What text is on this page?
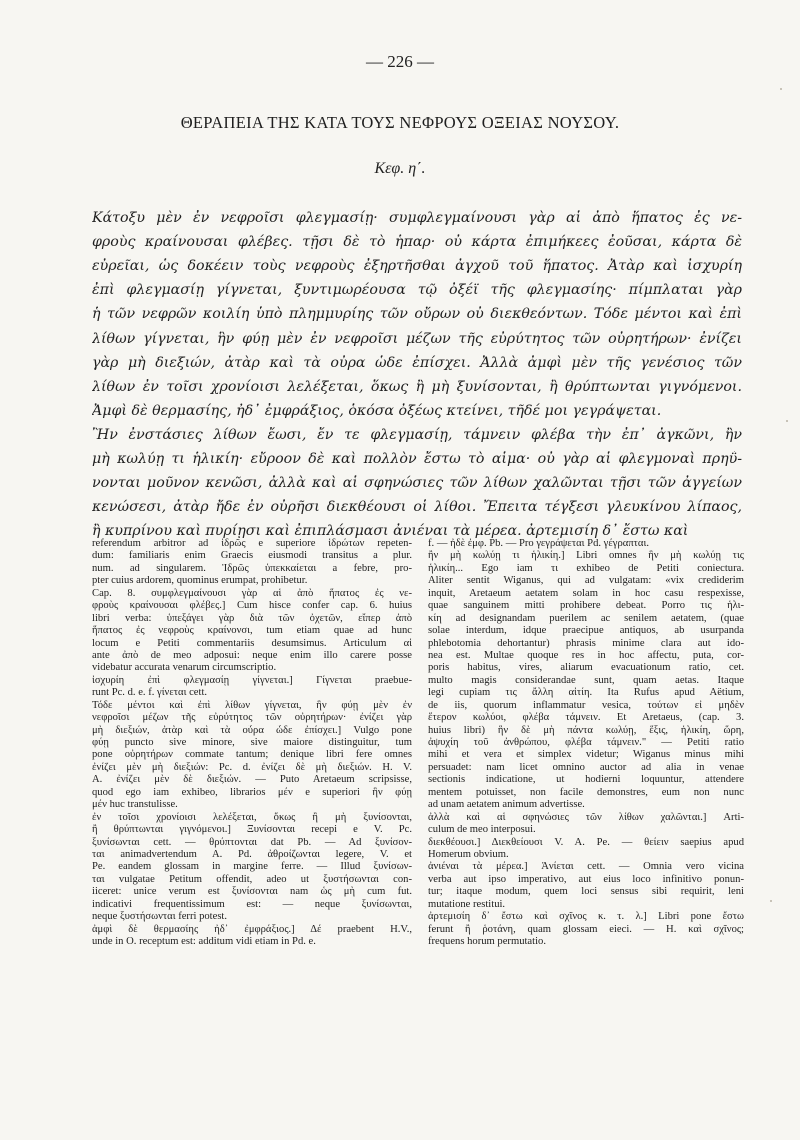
— 226 —
ΘΕΡΑΠΕΙΑ ΤΗΣ ΚΑΤΑ ΤΟΥΣ ΝΕΦΡΟΥΣ ΟΞΕΙΑΣ ΝΟΥΣΟΥ.
Κεφ. η΄.
Κάτοξυ μὲν ἐν νεφροῖσι φλεγμασίῃ· συμφλεγμαίνουσι γὰρ αἱ ἀπὸ ἥπατος ἐς νε-
φροὺς κραίνουσαι φλέβες. τῇσι δὲ τὸ ἧπαρ· οὐ κάρτα ἐπιμήκεες ἐοῦσαι, κάρτα δὲ
εὐρεῖαι, ὡς δοκέειν τοὺς νεφροὺς ἐξηρτῆσθαι ἀγχοῦ τοῦ ἥπατος. Ἀτὰρ καὶ ἰσχυρίη
ἐπὶ φλεγμασίῃ γίγνεται, ξυντιμωρέουσα τῷ ὀξέϊ τῆς φλεγμασίης· πίμπλαται γὰρ
ἡ τῶν νεφρῶν κοιλίη ὑπὸ πλημμυρίης τῶν οὔρων οὐ διεκθεόντων. Τόδε μέντοι καὶ ἐπὶ
λίθων γίγνεται, ἣν φύῃ μὲν ἐν νεφροῖσι μέζων τῆς εὐρύτητος τῶν οὐρητήρων· ἐνίζει
γὰρ μὴ διεξιών, ἀτὰρ καὶ τὰ οὖρα ὧδε ἐπίσχει. Ἀλλὰ ἀμφὶ μὲν τῆς γενέσιος τῶν
λίθων ἐν τοῖσι χρονίοισι λελέξεται, ὅκως ἢ μὴ ξυνίσονται, ἢ θρύπτωνται γιγνόμενοι.
Ἀμφὶ δὲ θερμασίης, ἠδ᾽ ἐμφράξιος, ὁκόσα ὀξέως κτείνει, τῆδέ μοι γεγράψεται.
Ἢν ἐνστάσιες λίθων ἔωσι, ἔν τε φλεγμασίῃ, τάμνειν φλέβα τὴν ἐπ᾽ ἀγκῶνι, ἢν
μὴ κωλύῃ τι ἡλικίη· εὔροον δὲ καὶ πολλὸν ἔστω τὸ αἷμα· οὐ γὰρ αἱ φλεγμοναὶ πρηΰ-
νονται μοῦνον κενῶσι, ἀλλὰ καὶ αἱ σφηνώσιες τῶν λίθων χαλῶνται τῇσι τῶν ἀγγείων
κενώσεσι, ἀτὰρ ἤδε ἐν οὐρῆσι διεκθέουσι οἱ λίθοι. Ἔπειτα τέγξεσι γλευκίνου λίπαος,
ἢ κυπρίνου καὶ πυρίῃσι καὶ ἐπιπλάσμασι ἀνιέναι τὰ μέρεα. ἀρτεμισίη δ᾽ ἔστω καὶ
referendum arbitror ad ἱδρῶς e superiore ἱδρώτων repeten-
dum: familiaris enim Graecis eiusmodi transitus a plur.
num. ad singularem. Ἱδρῶς ὑπεκκαίεται a febre, pro-
pter cuius ardorem, quominus erumpat, prohibetur.
Cap. 8. συμφλεγμαίνουσι γὰρ αἱ ἀπὸ ἥπατος ἐς νε-
φροὺς κραίνουσαι φλέβες.] Cum hisce confer cap. 6. huius
libri verba: ὑπεξάγει γὰρ διὰ τῶν ὀχετῶν, εἴπερ ἀπὸ
ἥπατος ἐς νεφροὺς κραίνονσι, tum etiam quae ad hunc
locum e Petiti commentariis desumsimus. Articulum αἱ
ante ἀπὸ de meo adposui: neque enim illo carere posse
videbatur accurata venarum circumscriptio.
ἰσχυρίη ἐπὶ φλεγμασίῃ γίγνεται.] Γίγνεται praebue-
runt Pc. d. e. f. γίνεται cett.
Τόδε μέντοι καὶ ἐπὶ λίθων γίγνεται, ἣν φύῃ μὲν ἐν
νεφροῖσι μέζων τῆς εὐρύτητος τῶν οὐρητήρων· ἐνίζει γὰρ
μὴ διεξιών, ἀτὰρ καὶ τὰ οὖρα ὧδε ἐπίσχει.] Vulgo pone
φύῃ puncto sive minore, sive maiore distinguitur, tum
pone οὐρητήρων commate tantum; denique libri fere omnes
ἐνίζει μὲν μὴ διεξιών: Pc. d. ἐνίζει δὲ μὴ διεξιών. H. V.
A. ἐνίζει μὲν δὲ διεξιών. — Puto Aretaeum scripsisse,
quod ego iam exhibeo, librarios μέν e superiori ἣν φύῃ
μέν huc transtulisse.
ἐν τοῖσι χρονίοισι λελέξεται, ὅκως ἢ μὴ ξυνίσονται,
ἢ θρύπτωνται γιγνόμενοι.] Ξυνίσονται recepi e V. Pc.
ξυνίσωνται cett. — θρύπτονται dat Pb. — Ad ξυνίσον-
ται animadvertendum A. Pd. ἀθροίζωνται legere, V. et
Pe. eandem glossam in margine ferre. — Illud ξυνίσων-
ται vulgatae Petitum offendit, adeo ut ξυστήσωνται con-
iiceret: unice verum est ξυνίσονται nam ὡς μὴ cum fut.
indicativi frequentissimum est: — neque ξυνίσωνται,
neque ξυστήσωνται ferri potest.
ἀμφὶ δὲ θερμασίης ἠδ᾽ ἐμφράξιος.] Δέ praebent H.V.,
unde in O. receptum est: additum vidi etiam in Pd. e.
f. — ἠδὲ ἐμφ. Pb. — Pro γεγράψεται Pd. γέγραπται.
ἢν μὴ κωλύῃ τι ἡλικίη.] Libri omnes ἣν μὴ κωλύῃ τις
ἡλικίη... Ego iam τι exhibeo de Petiti coniectura.
Aliter sentit Wiganus, qui ad vulgatam: «vix crediderim
inquit, Aretaeum aetatem solam in hoc casu respexisse,
quae sanguinem mitti prohibere debeat. Porro τις ἡλι-
κίη ad designandam puerilem ac senilem aetatem, (quae
solae interdum, idque praecipue antiquos, ab usurpanda
phlebotomia dehortantur) phrasis minime clara aut ido-
nea est. Multae quoque res in hoc affectu, puta, cor-
poris habitus, vires, aliarum evacuationum ratio, cet.
multo magis considerandae sunt, quam aetas. Itaque
legi cupiam τις ἄλλη αἰτίη. Ita Rufus apud Aëtium,
de iis, quorum inflammatur vesica, τούτων εἰ μηδὲν
ἕτερον κωλύοι, φλέβα τάμνειν. Et Aretaeus, (cap. 3.
huius libri) ἣν δὲ μὴ πάντα κωλύῃ, ἕξις, ἡλικίη, ὥρη,
ἀψυχίη τοῦ ἀνθρώπου, φλέβα τάμνειν." — Petiti ratio
mihi et vera et simplex videtur; Wiganus minus mihi
persuadet: nam licet omnino auctor ad alia in venae
sectionis indicatione, ut hodierni loquuntur, attendere
mentem potuisset, non facile demonstres, eum non nunc
ad unam aetatem animum advertisse.
ἀλλὰ καὶ αἱ σφηνώσιες τῶν λίθων χαλῶνται.] Arti-
culum de meo interposui.
διεκθέουσι.] Διεκθείουσι V. A. Pe. — θείειν saepius apud
Homerum obvium.
ἀνιέναι τὰ μέρεα.] Ἀνίεται cett. — Omnia vero vicina
verba aut ipso imperativo, aut eius loco infinitivo ponun-
tur; itaque modum, quem loci sensus sibi requirit, leni
mutatione restitui.
ἀρτεμισίη δ᾽ ἔστω καὶ σχῖνος κ. τ. λ.] Libri pone ἔστω
ferunt ἢ ῥοτάνη, quam glossam eieci. — H. καὶ σχῖνος;
frequens horum permutatio.
